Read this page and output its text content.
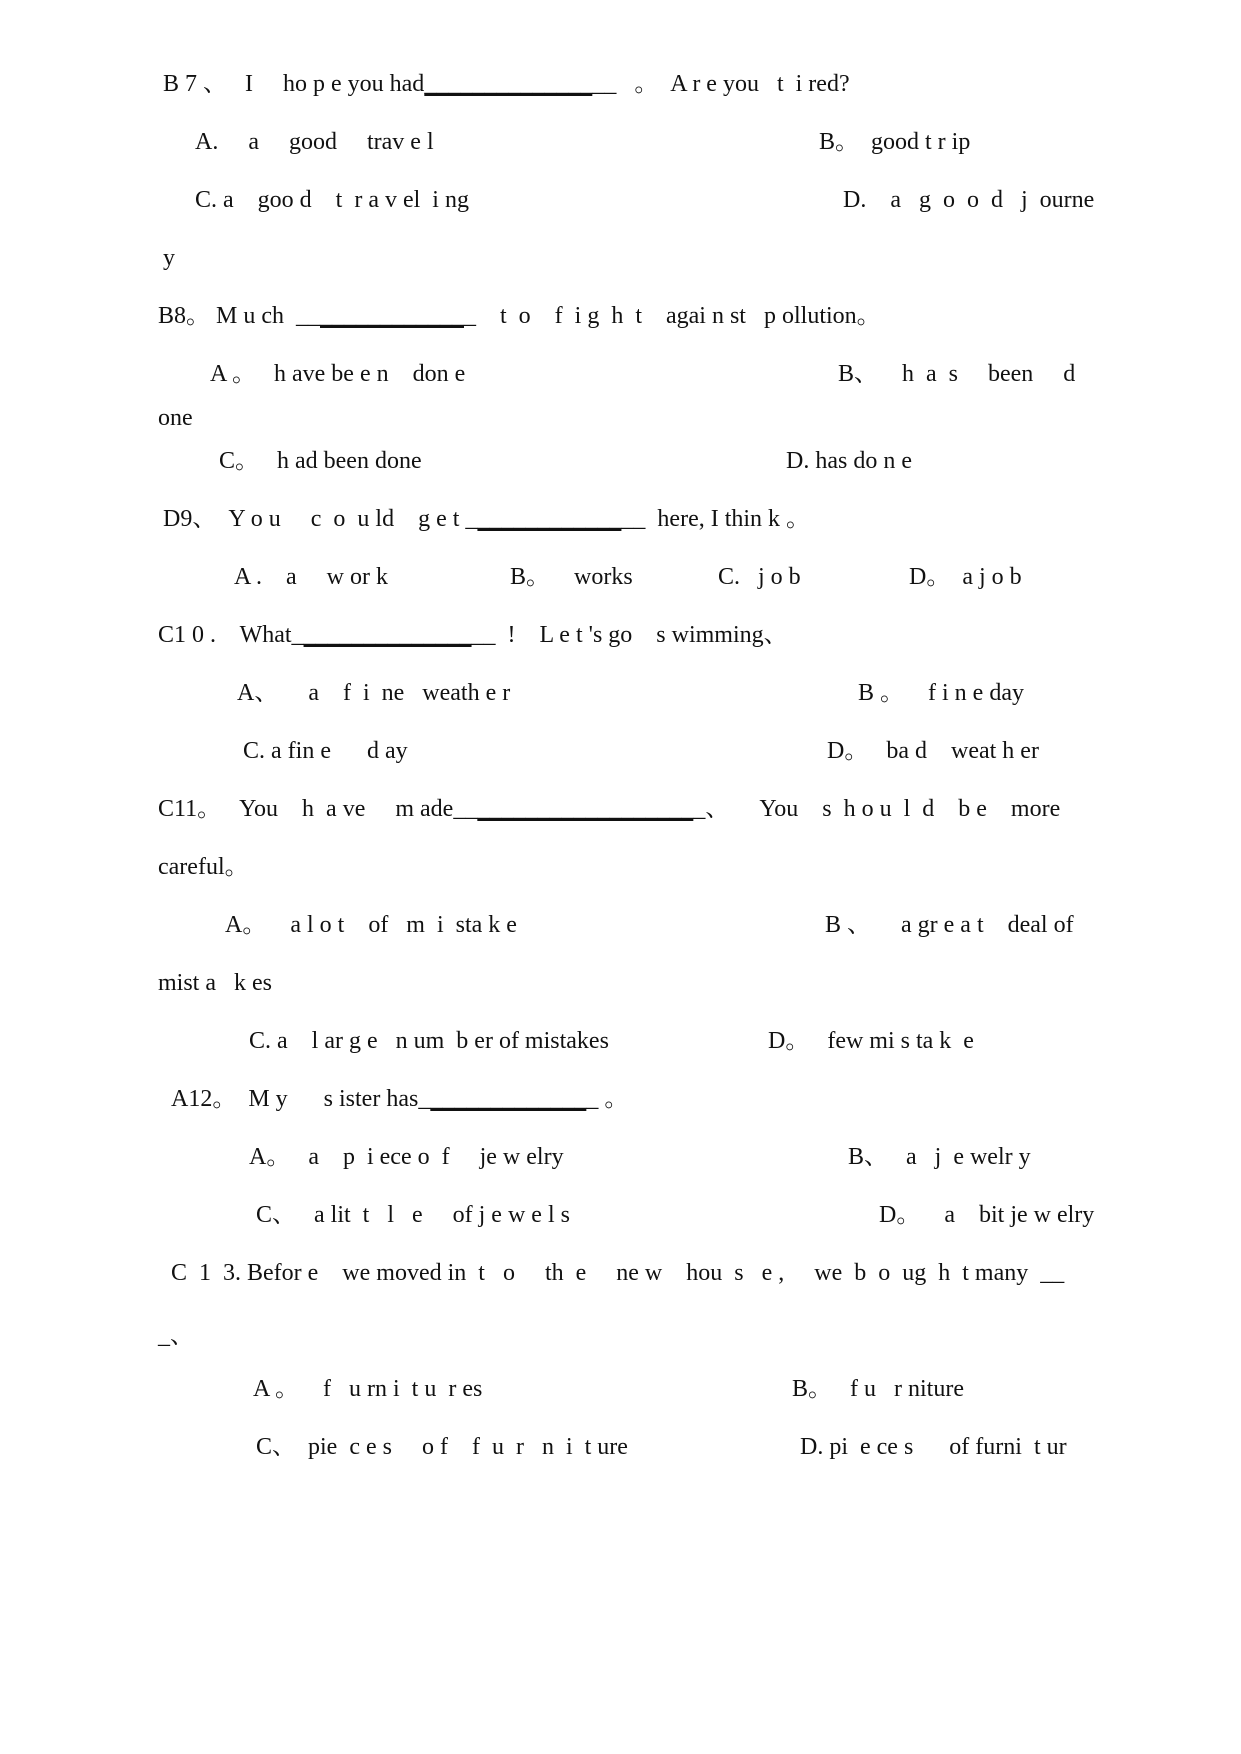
B 7 、   I     ho p e you had________________   。  A r e you   t  i red?
A.     a     good     trav e l	B。  good t r ip
C. a    goo d    t  r a v el  i ng	D.    a   g  o  o  d   j  ourne
y
B8。 M u ch  _______________    t  o    f  i g  h  t    agai n st   p ollution。
A 。   h ave be e n    don e	B、    h  a  s     been     d
one
C。   h ad been done	D. has do n e
D9、  Y o u     c  o  u ld    g e t _______________  here, I thin k 。
A .    a     w or k	B。    works	C.   j o b	D。  a j o b
C1 0 .    What_________________  !    L e t 's go    s wimming、
A、     a    f  i  ne   weath e r	B 。    f i n e day
C. a fin e      d ay	D。   ba d    weat h er
C11。   You    h  a ve     m ade_____________________、     You    s  h o u  l  d    b e    more
careful。
A。    a l o t    of   m  i  sta k e	B 、     a gr e a t    deal of
mist a   k es
C. a    l ar g e   n um  b er of mistakes	D。   few mi s ta k  e
A12。  M y      s ister has_______________ 。
A。   a    p  i ece o  f     je w elry	B、   a   j  e welr y
C、   a lit  t   l   e     of j e w e l s	D。    a    bit je w elry
C  1  3. Befor e    we moved in  t   o     th  e     ne w    hou  s   e ,     we  b  o  ug  h  t many  __
_、
A 。    f   u rn i  t u  r es	B。   f u   r niture
C、  pie  c e s     o f    f  u  r   n  i  t ure	D. pi  e ce s      of furni  t ur
